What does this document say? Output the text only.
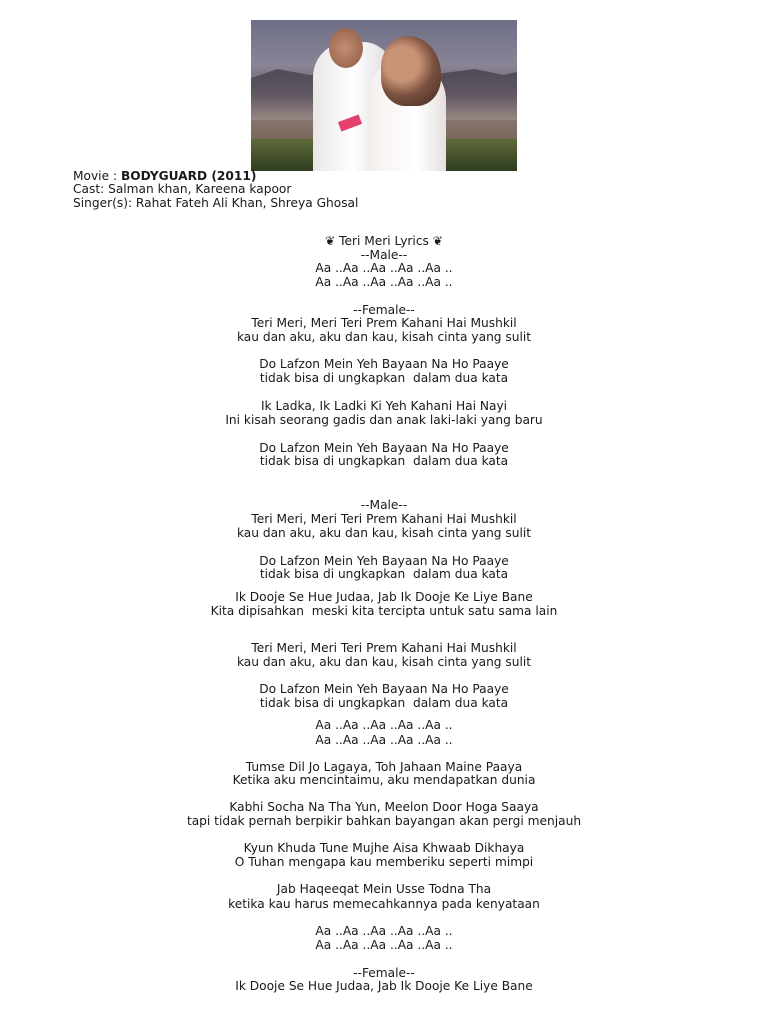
Movie : BODYGUARD (2011)
Cast: Salman khan, Kareena kapoor
Singer(s): Rahat Fateh Ali Khan, Shreya Ghosal
❦ Teri Meri Lyrics ❦
--Male--
Aa ..Aa ..Aa ..Aa ..Aa ..
Aa ..Aa ..Aa ..Aa ..Aa ..
--Female--
Teri Meri, Meri Teri Prem Kahani Hai Mushkil
kau dan aku, aku dan kau, kisah cinta yang sulit
Do Lafzon Mein Yeh Bayaan Na Ho Paaye
tidak bisa di ungkapkan  dalam dua kata
Ik Ladka, Ik Ladki Ki Yeh Kahani Hai Nayi
Ini kisah seorang gadis dan anak laki-laki yang baru
Do Lafzon Mein Yeh Bayaan Na Ho Paaye
tidak bisa di ungkapkan  dalam dua kata
--Male--
Teri Meri, Meri Teri Prem Kahani Hai Mushkil
kau dan aku, aku dan kau, kisah cinta yang sulit
Do Lafzon Mein Yeh Bayaan Na Ho Paaye
tidak bisa di ungkapkan  dalam dua kata
Ik Dooje Se Hue Judaa, Jab Ik Dooje Ke Liye Bane
Kita dipisahkan  meski kita tercipta untuk satu sama lain
Teri Meri, Meri Teri Prem Kahani Hai Mushkil
kau dan aku, aku dan kau, kisah cinta yang sulit
Do Lafzon Mein Yeh Bayaan Na Ho Paaye
tidak bisa di ungkapkan  dalam dua kata
Aa ..Aa ..Aa ..Aa ..Aa ..
Aa ..Aa ..Aa ..Aa ..Aa ..
Tumse Dil Jo Lagaya, Toh Jahaan Maine Paaya
Ketika aku mencintaimu, aku mendapatkan dunia
Kabhi Socha Na Tha Yun, Meelon Door Hoga Saaya
tapi tidak pernah berpikir bahkan bayangan akan pergi menjauh
Kyun Khuda Tune Mujhe Aisa Khwaab Dikhaya
O Tuhan mengapa kau memberiku seperti mimpi
Jab Haqeeqat Mein Usse Todna Tha
ketika kau harus memecahkannya pada kenyataan
Aa ..Aa ..Aa ..Aa ..Aa ..
Aa ..Aa ..Aa ..Aa ..Aa ..
--Female--
Ik Dooje Se Hue Judaa, Jab Ik Dooje Ke Liye Bane
